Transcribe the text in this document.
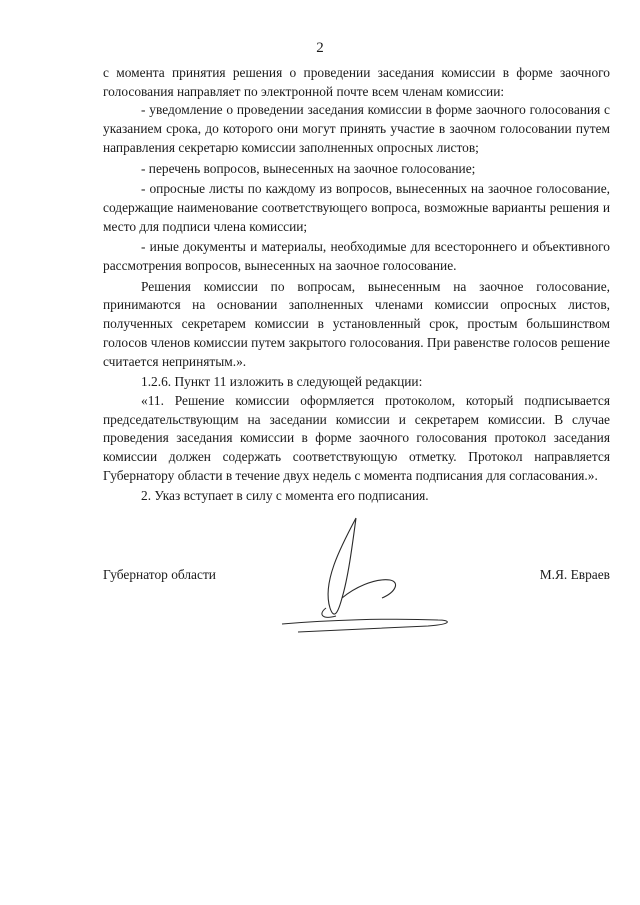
2

с момента принятия решения о проведении заседания комиссии в форме заочного голосования направляет по электронной почте всем членам комиссии:

- уведомление о проведении заседания комиссии в форме заочного голосования с указанием срока, до которого они могут принять участие в заочном голосовании путем направления секретарю комиссии заполненных опросных листов;

- перечень вопросов, вынесенных на заочное голосование;

- опросные листы по каждому из вопросов, вынесенных на заочное голосование, содержащие наименование соответствующего вопроса, возможные варианты решения и место для подписи члена комиссии;

- иные документы и материалы, необходимые для всестороннего и объективного рассмотрения вопросов, вынесенных на заочное голосование.

Решения комиссии по вопросам, вынесенным на заочное голосование, принимаются на основании заполненных членами комиссии опросных листов, полученных секретарем комиссии в установленный срок, простым большинством голосов членов комиссии путем закрытого голосования. При равенстве голосов решение считается непринятым.».

1.2.6. Пункт 11 изложить в следующей редакции:

«11. Решение комиссии оформляется протоколом, который подписывается председательствующим на заседании комиссии и секретарем комиссии. В случае проведения заседания комиссии в форме заочного голосования протокол заседания комиссии должен содержать соответствующую отметку. Протокол направляется Губернатору области в течение двух недель с момента подписания для согласования.».

2. Указ вступает в силу с момента его подписания.

Губернатор области	М.Я. Евраев
